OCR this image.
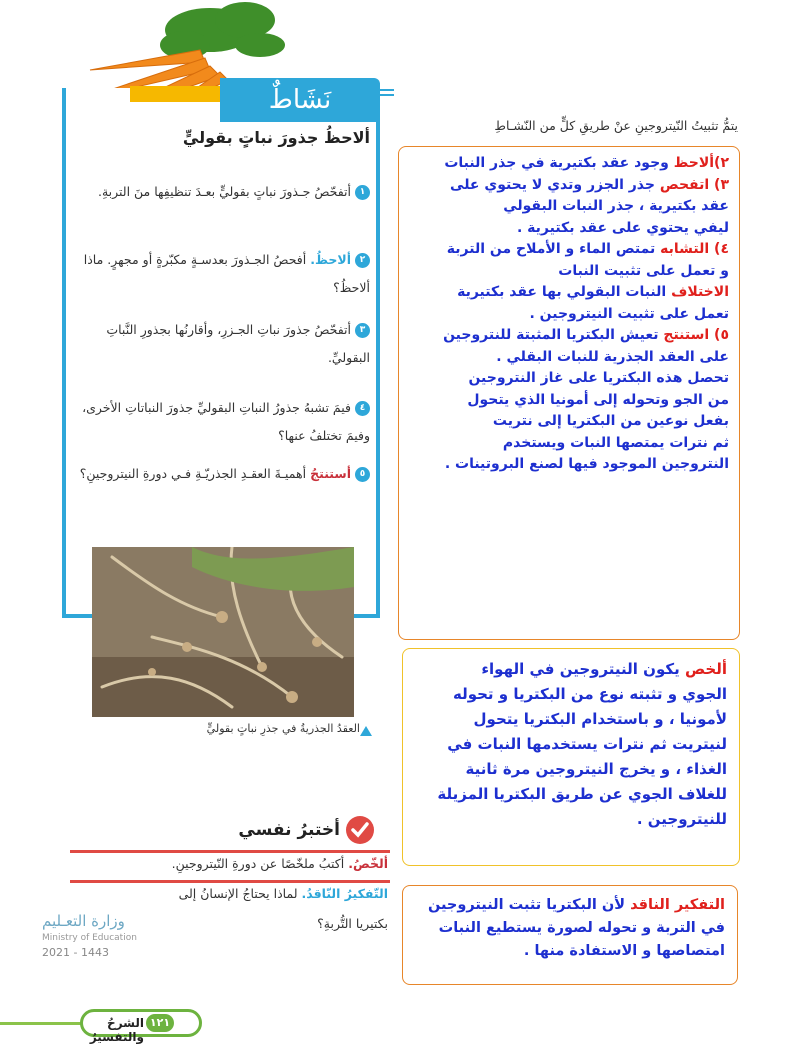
نَشَاطٌ
ألاحظُ جذورَ نباتٍ بقوليٍّ
١أتفحّصُ جـذورَ نباتٍ بقوليٍّ بعـدَ تنظيفِها منَ التربةِ.
٢ألاحظُ. أفحصُ الجـذورَ بعدسـةٍ مكبّرةٍ أو مجهرٍ. ماذا ألاحظُ؟
٣أتفحّصُ جذورَ نباتِ الجـزرِ، وأقارنُها بجذورِ النَّباتِ البقوليِّ.
٤فيمَ تشبهُ جذورُ النباتِ البقوليِّ جذورَ النباتاتِ الأخرى، وفيمَ تختلفُ عنها؟
٥أستنتجُ أهميـةَ العقـدِ الجذريّـةِ فـي دورةِ النيتروجينِ؟
العقدُ الجذريةُ في جذرِ نباتٍ بقوليٍّ
يتمُّ تثبيتُ النّيتروجينِ عنْ طريقِ كلٍّ من النّشـاطِ
٢)ألاحظ وجود عقد بكتيرية في جذر النبات
٣) اتفحص جذر الجزر وتدي لا يحتوي على
عقد بكتيرية ، جذر النبات البقولي
ليفي يحتوي على عقد بكتيرية .
٤) التشابه تمتص الماء و الأملاح من التربة
و تعمل على تثبيت النبات
الاختلاف النبات البقولي بها عقد بكتيرية
تعمل على تثبيت النيتروجين .
٥) استنتج تعيش البكتريا المثبتة للنتروجين
على العقد الجذرية للنبات البقلي .
تحصل هذه البكتريا على غاز النتروجين
من الجو وتحوله إلى أمونيا الذي يتحول
بفعل نوعين من البكتريا إلى نتريت
ثم نترات يمتصها النبات ويستخدم
النتروجين الموجود فيها لصنع البروتينات .
ألخص يكون النيتروجين في الهواء
الجوي و تثبته نوع من البكتريا و تحوله
لأمونيا ، و باستخدام البكتريا يتحول
لنيتريت ثم نترات يستخدمها النبات في
الغذاء ، و يخرج النيتروجين مرة ثانية
للغلاف الجوي عن طريق البكتريا المزيلة
للنيتروجين .
التفكير الناقد لأن البكتريا تثبت النيتروجين
في التربة و تحوله لصورة يستطيع النبات
امتصاصها و الاستفادة منها .
أختبرُ نفسي
ألخّصُ. أكتبُ ملخّصًا عن دورةِ النّيتروجينِ.
التّفكيرُ النّاقدُ. لماذا يحتاجُ الإنسانُ إلى
بكتيريا التُّربةِ؟
وزارة التعـليم
Ministry of Education
2021 - 1443
١٢١
الشرحُ والتفسيرُ
